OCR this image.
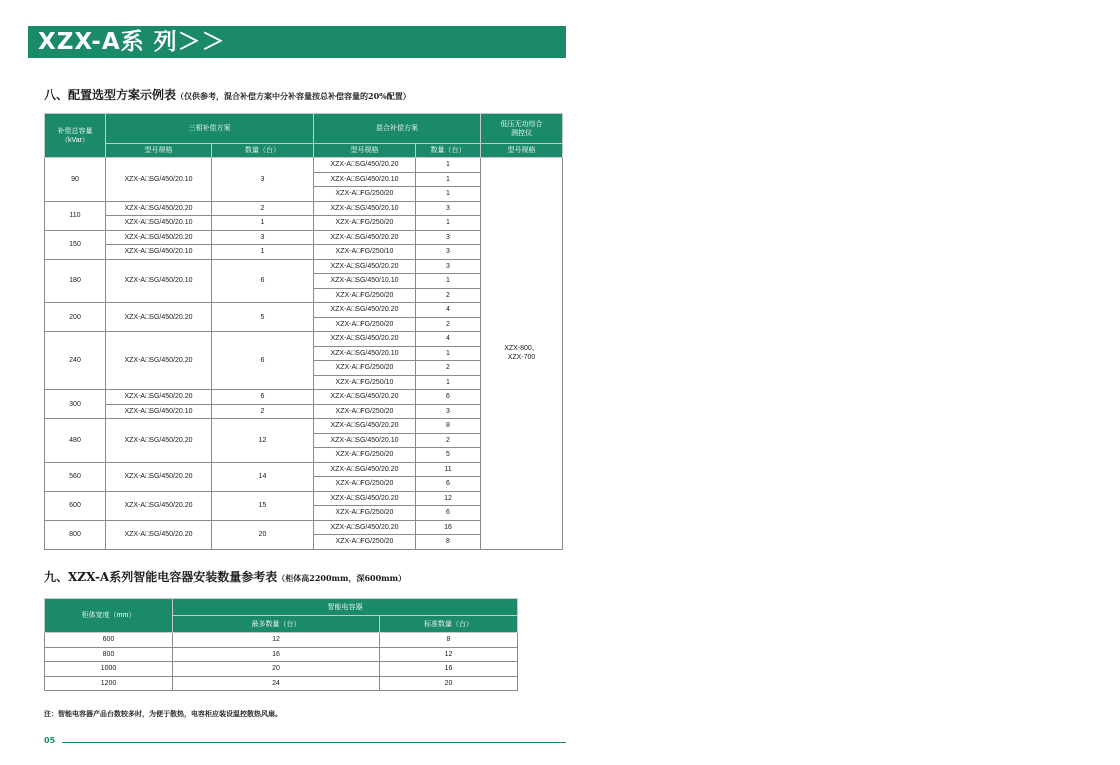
XZX-A系 列＞＞
八、配置选型方案示例表（仅供参考，混合补偿方案中分补容量按总补偿容量的20%配置）
补偿总容量（kVar）	三相补偿方案		混合补偿方案		低压无功综合测控仪
	型号规格	数量（台）	型号规格	数量（台）	型号规格
90	XZX-A□SG/450/20.10	3	XZX-A□SG/450/20.20	1	XZX-800、XZX-700
			XZX-A□SG/450/20.10	1	
			XZX-A□FG/250/20	1	
110	XZX-A□SG/450/20.20	2	XZX-A□SG/450/20.10	3	
	XZX-A□SG/450/20.10	1	XZX-A□FG/250/20	1	
150	XZX-A□SG/450/20.20	3	XZX-A□SG/450/20.20	3	
	XZX-A□SG/450/20.10	1	XZX-A□FG/250/10	3	
180	XZX-A□SG/450/20.10	6	XZX-A□SG/450/20.20	3	
			XZX-A□SG/450/10.10	1	
			XZX-A□FG/250/20	2	
200	XZX-A□SG/450/20.20	5	XZX-A□SG/450/20.20	4	
			XZX-A□FG/250/20	2	
240	XZX-A□SG/450/20.20	6	XZX-A□SG/450/20.20	4	
			XZX-A□SG/450/20.10	1	
			XZX-A□FG/250/20	2	
			XZX-A□FG/250/10	1	
300	XZX-A□SG/450/20.20	6	XZX-A□SG/450/20.20	6	
	XZX-A□SG/450/20.10	2	XZX-A□FG/250/20	3	
480	XZX-A□SG/450/20.20	12	XZX-A□SG/450/20.20	8	
			XZX-A□SG/450/20.10	2	
			XZX-A□FG/250/20	5	
560	XZX-A□SG/450/20.20	14	XZX-A□SG/450/20.20	11	
			XZX-A□FG/250/20	6	
600	XZX-A□SG/450/20.20	15	XZX-A□SG/450/20.20	12	
			XZX-A□FG/250/20	6	
800	XZX-A□SG/450/20.20	20	XZX-A□SG/450/20.20	16	
			XZX-A□FG/250/20	8	
九、XZX-A系列智能电容器安装数量参考表（柜体高2200mm，深600mm）
柜体宽度（mm）	智能电容器	
	最多数量（台）	标准数量（台）
600	12	8
800	16	12
1000	20	16
1200	24	20
注：智能电容器产品台数较多时，为便于散热，电容柜应装设温控散热风扇。
05
